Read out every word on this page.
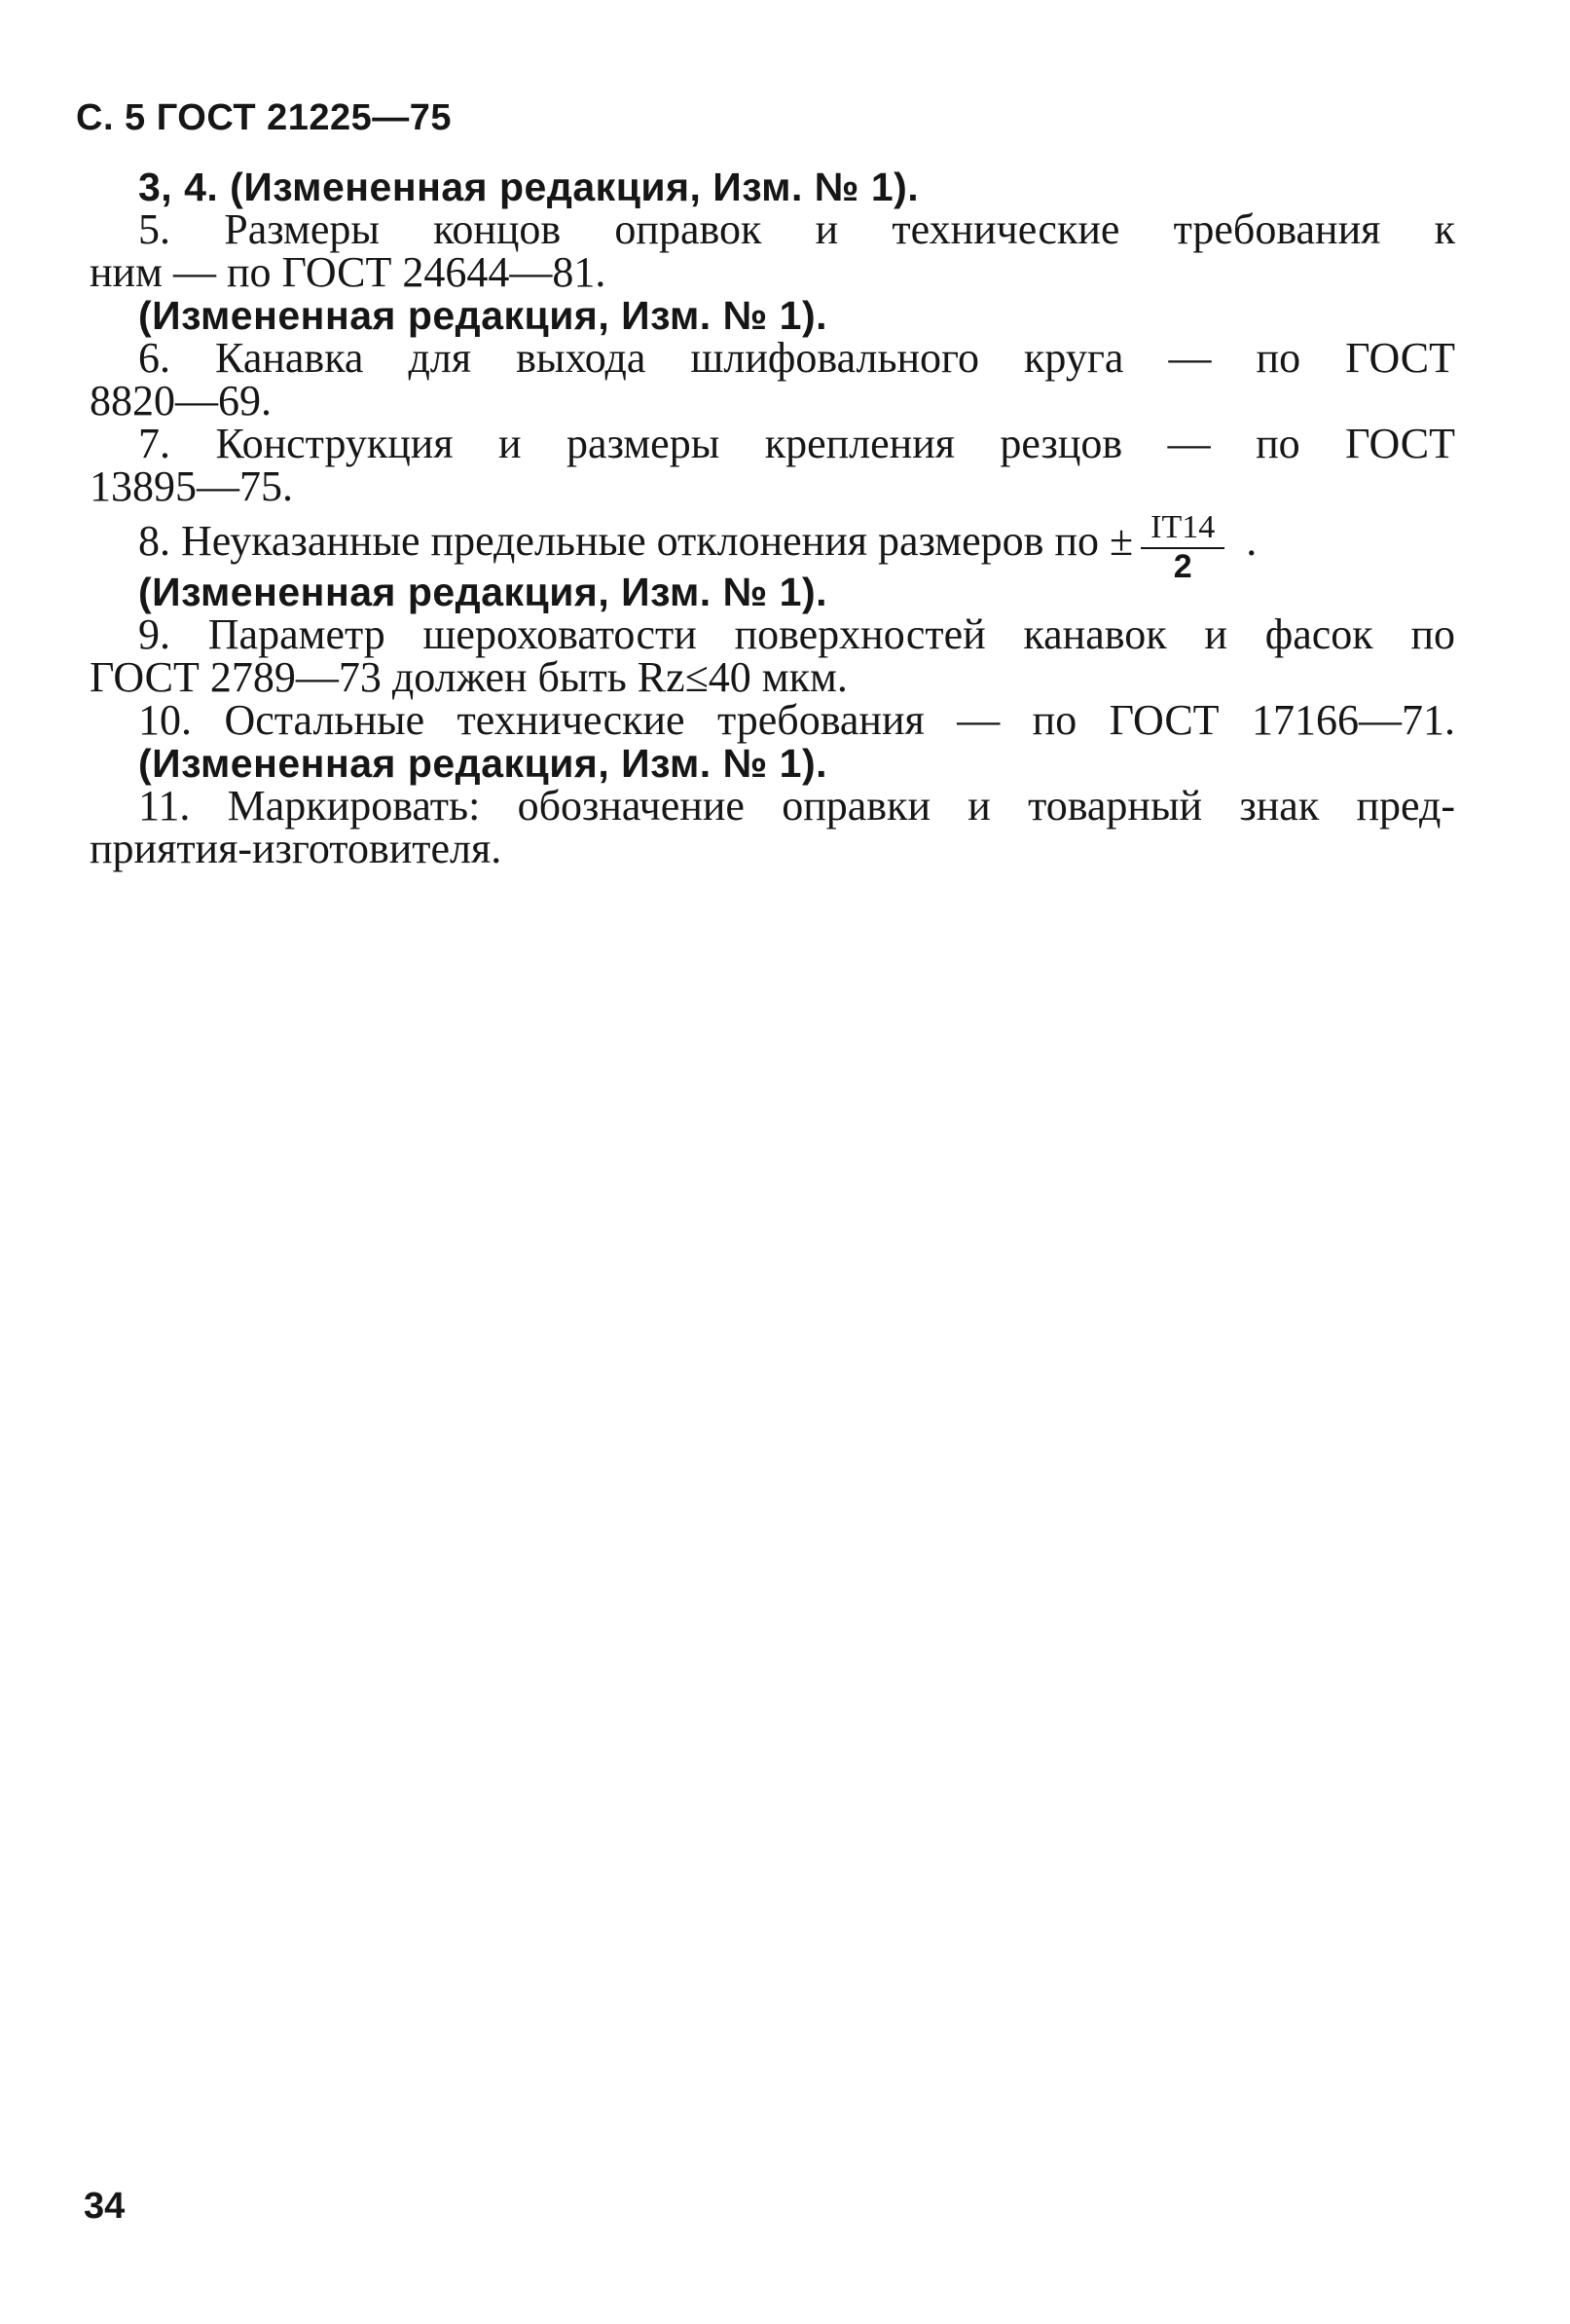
С. 5 ГОСТ 21225—75
3, 4. (Измененная редакция, Изм. № 1).
5. Размеры концов оправок и технические требования к
ним — по ГОСТ 24644—81.
(Измененная редакция, Изм. № 1).
6. Канавка для выхода шлифовального круга — по ГОСТ
8820—69.
7. Конструкция и размеры крепления резцов — по ГОСТ
13895—75.
8. Неуказанные предельные отклонения размеров по ± $\frac{IT14}{2}$ .
(Измененная редакция, Изм. № 1).
9. Параметр шероховатости поверхностей канавок и фасок по
ГОСТ 2789—73 должен быть Rz≤40 мкм.
10. Остальные технические требования — по ГОСТ 17166—71.
(Измененная редакция, Изм. № 1).
11. Маркировать: обозначение оправки и товарный знак пред-
приятия-изготовителя.
34
